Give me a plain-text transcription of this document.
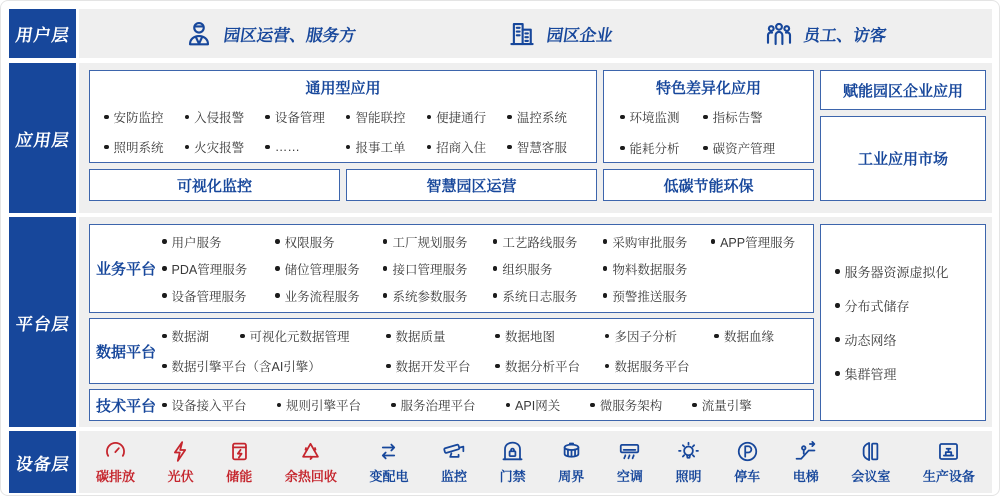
用户层	园区运营、服务方	园区企业	员工、访客
应用层
通用型应用
安防监控 入侵报警 设备管理 智能联控 便捷通行 温控系统
照明系统 火灾报警 ……	报事工单 招商入住 智慧客服
可视化监控	智慧园区运营
特色差异化应用
环境监测	指标告警
能耗分析	碳资产管理
低碳节能环保
赋能园区企业应用
工业应用市场
平台层
业务平台
用户服务	权限服务	工厂规划服务	工艺路线服务	采购审批服务	APP管理服务
PDA管理服务	储位管理服务	接口管理服务	组织服务	物料数据服务
设备管理服务	业务流程服务	系统参数服务	系统日志服务	预警推送服务
数据平台
数据湖	可视化元数据管理	数据质量	数据地图	多因子分析	数据血缘
数据引擎平台（含AI引擎）	数据开发平台	数据分析平台	数据服务平台
技术平台	设备接入平台	规则引擎平台	服务治理平台	API网关	微服务架构	流量引擎
服务器资源虚拟化
分布式储存
动态网络
集群管理
设备层
碳排放	光伏	储能	余热回收	变配电	监控	门禁	周界	空调	照明	停车	电梯	会议室	生产设备
